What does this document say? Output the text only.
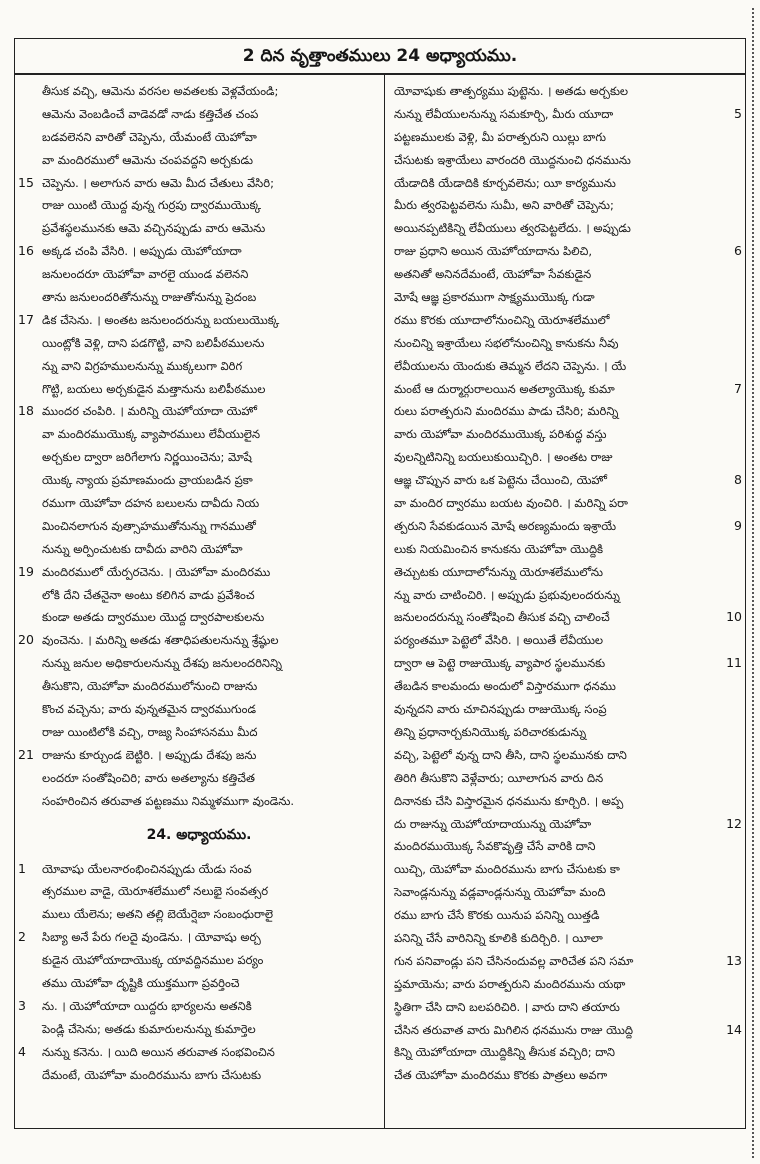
2 దిన వృత్తాంతములు 24 అధ్యాయము.
తీసుక వచ్చి, ఆమెను వరసల అవతలకు వెళ్లవేయండి;
ఆమెను వెంబడించే వాడెవడో నాడు కత్తిచేత చంప
బడవలెనని వారితో చెప్పెను, యేమంటే యెహోవా
వా మందిరములో ఆమెను చంపవద్దని అర్చకుడు
15 చెప్పెను. । అలాగున వారు ఆమె మీద చేతులు వేసిరి;
రాజు యింటి యొద్ద వున్న గుర్రపు ద్వారముయొక్క
ప్రవేశస్థలమునకు ఆమె వచ్చినప్పుడు వారు ఆమెను
16 అక్కడ చంపి వేసిరి. । అప్పుడు యెహోయాదా
జనులందరూ యెహోవా వారలై యుండ వలెనని
తాను జనులందరితోనున్ను రాజుతోనున్ను ప్రెదంబ
17 డిక చేసెను. । అంతట జనులందరున్ను బయలుయొక్క
యింట్లోకి వెళ్లి, దాని పడగొట్టి, వాని బలిపీఠములను
న్ను వాని విగ్రహములనున్ను ముక్కలుగా విరిగ
గొట్టి, బయలు అర్చకుడైన మత్తానును బలిపీఠముల
18 ముందర చంపిరి. । మరిన్ని యెహోయాదా యెహో
వా మందిరముయొక్క వ్యాపారములు లేవీయులైన
అర్చకుల ద్వారా జరిగేలాగు నిర్ణయించెను; మోషే
యొక్క న్యాయ ప్రమాణమందు వ్రాయబడిన ప్రకా
రముగా యెహోవా దహన బలులను దావీదు నియ
మించినలాగున వుత్సాహముతోనున్ను గానముతో
నున్ను అర్పించుటకు దావీదు వారిని యెహోవా
19 మందిరములో యేర్పరచెను. । యెహోవా మందిరము
లోకి దేని చేతనైనా అంటు కలిగిన వాడు ప్రవేశించ
కుండా అతడు ద్వారముల యొద్ద ద్వారపాలకులను
20 వుంచెను. । మరిన్ని అతడు శతాధిపతులనున్ను శ్రేష్ఠుల
నున్ను జనుల అధికారులనున్ను దేశపు జనులందరినిన్ని
తీసుకొని, యెహోవా మందిరములోనుంచి రాజును
కొంచ వచ్చెను; వారు వున్నతమైన ద్వారముగుండ
రాజు యింటిలోకి వచ్చి, రాజ్య సింహాసనము మీద
21 రాజును కూర్చుండ బెట్టిరి. । అప్పుడు దేశపు జను
లందరూ సంతోషించిరి; వారు అతల్యాను కత్తిచేత
సంహరించిన తరువాత పట్టణము నిమ్మళముగా వుండెను.
24. అధ్యాయము.
1	యోవాషు యేలనారంభించినప్పుడు యేడు సంవ
త్సరముల వాడై, యెరూశలేములో నలుభై సంవత్సర
ములు యేలెను; అతని తల్లి బెయేర్షెబా సంబంధురాలై
2	సిబ్యా అనే పేరు గలదై వుండెను. । యోవాషు అర్చ
కుడైన యెహోయాదాయొక్క యావద్దినముల పర్యం
తము యెహోవా దృష్టికి యుక్తముగా ప్రవర్తించె
3	ను. । యెహోయాదా యిద్దరు భార్యలను అతనికి
పెండ్లి చేసెను; అతడు కుమారులనున్ను కుమార్తెల
4	నున్ను కనెను. । యిది అయిన తరువాత సంభవించిన
దేమంటే, యెహోవా మందిరమును బాగు చేసుటకు
యోవాషుకు తాత్పర్యము పుట్టెను. । అతడు అర్చకుల
5
నున్ను లేవీయులనున్ను సమకూర్చి, మీరు యూదా
పట్టణములకు వెళ్లి, మీ పరాత్పరుని యిల్లు బాగు
చేసుటకు ఇశ్రాయేలు వారందరి యొద్దనుంచి ధనమును
యేడాదికి యేడాదికి కూర్చవలెను; యీ కార్యమును
మీరు త్వరపెట్టవలెను సుమీ, అని వారితో చెప్పెను;
అయినప్పటికిన్ని లేవీయులు త్వరపెట్టలేదు. । అప్పుడు
6
రాజు ప్రధాని అయిన యెహోయాదాను పిలిచి,
అతనితో అనినదేమంటే, యెహోవా సేవకుడైన
మోషే ఆజ్ఞ ప్రకారముగా సాక్ష్యముయొక్క గుడా
రము కొరకు యూదాలోనుంచిన్ని యెరూశలేములో
నుంచిన్ని ఇశ్రాయేలు సభలోనుంచిన్ని కానుకను నీవు
లేవీయులను యెందుకు తెమ్మన లేదని చెప్పెను. । యే
7
మంటే ఆ దుర్మార్గురాలయిన అతల్యాయొక్క కుమా
రులు పరాత్పరుని మందిరము పాడు చేసిరి; మరిన్ని
వారు యెహోవా మందిరముయొక్క పరిశుద్ధ వస్తు
వులన్నిటినిన్ని బయలుకుయిచ్చిరి. । అంతట రాజు
8
ఆజ్ఞ చొప్పున వారు ఒక పెట్టెను చేయించి, యెహో
వా మందిర ద్వారము బయట వుంచిరి. । మరిన్ని పరా
9
త్పరుని సేవకుడయిన మోషే అరణ్యమందు ఇశ్రాయే
లుకు నియమించిన కానుకను యెహోవా యొద్దికి
తెచ్చుటకు యూదాలోనున్ను యెరూశలేములోను
న్ను వారు చాటించిరి. । అప్పుడు ప్రభువులందరున్ను
10
జనులందరున్ను సంతోషించి తీసుక వచ్చి చాలించే
పర్యంతమూ పెట్టెలో వేసిరి. । అయితే లేవీయుల
11
ద్వారా ఆ పెట్టె రాజుయొక్క వ్యాపార స్థలమునకు
తేబడిన కాలమందు అందులో విస్తారముగా ధనము
వున్నదని వారు చూచినప్పుడు రాజుయొక్క సంప్ర
తిన్ని ప్రధానార్చకునియొక్క పరిచారకుడున్ను
వచ్చి, పెట్టెలో వున్న దాని తీసి, దాని స్థలమునకు దాని
తిరిగి తీసుకొని వెళ్లేవారు; యీలాగున వారు దిన
దినానకు చేసి విస్తారమైన ధనమును కూర్చిరి. । అప్ప
12
దు రాజున్ను యెహోయాదాయున్ను యెహోవా
మందిరముయొక్క సేవకొవృత్తి చేసే వారికి దాని
యిచ్చి, యెహోవా మందిరమును బాగు చేసుటకు కా
సెవాండ్లనున్ను వడ్లవాండ్లనున్ను యెహోవా మంది
రము బాగు చేసే కొరకు యినుప పనిన్ని యిత్తడి
పనిన్ని చేసే వారినిన్ని కూలికి కుదిర్చిరి. । యీలా
13
గున పనివాండ్లు పని చేసినందువల్ల వారిచేత పని సమా
ప్తమాయెను; వారు పరాత్పరుని మందిరమును యథా
స్థితిగా చేసి దాని బలపరిచిరి. । వారు దాని తయారు
14
చేసిన తరువాత వారు మిగిలిన ధనమును రాజు యొద్ది
కిన్ని యెహోయాదా యొద్దికిన్ని తీసుక వచ్చిరి; దాని
చేత యెహోవా మందిరము కొరకు పాత్రలు అవగా
